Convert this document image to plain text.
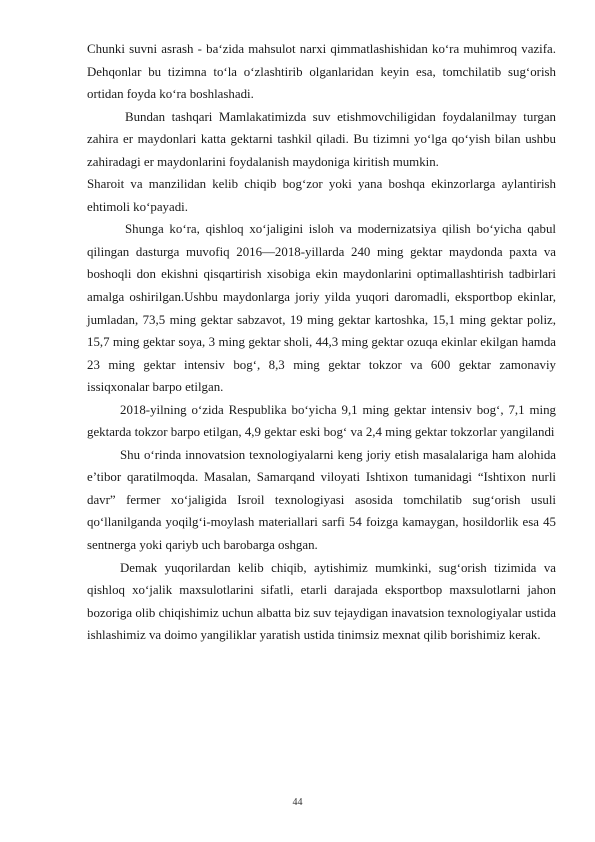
Chunki suvni asrash - ba‘zida mahsulot narxi qimmatlashishidan ko‘ra muhimroq vazifa. Dehqonlar bu tizimna to‘la o‘zlashtirib olganlaridan keyin esa, tomchilatib sug‘orish ortidan foyda ko‘ra boshlashadi.

Bundan tashqari Mamlakatimizda suv etishmovchiligidan foydalanilmay turgan zahira er maydonlari katta gektarni tashkil qiladi. Bu tizimni yo‘lga qo‘yish bilan ushbu zahiradagi er maydonlarini foydalanish maydoniga kiritish mumkin.

Sharoit va manzilidan kelib chiqib bog‘zor yoki yana boshqa ekinzorlarga aylantirish ehtimoli ko‘payadi.

Shunga ko‘ra, qishloq xo‘jaligini isloh va modernizatsiya qilish bo‘yicha qabul qilingan dasturga muvofiq 2016—2018-yillarda 240 ming gektar maydonda paxta va boshoqli don ekishni qisqartirish xisobiga ekin maydonlarini optimallashtirish tadbirlari amalga oshirilgan.Ushbu maydonlarga joriy yilda yuqori daromadli, eksportbop ekinlar, jumladan, 73,5 ming gektar sabzavot, 19 ming gektar kartoshka, 15,1 ming gektar poliz, 15,7 ming gektar soya, 3 ming gektar sholi, 44,3 ming gektar ozuqa ekinlar ekilgan hamda 23 ming gektar intensiv bog‘, 8,3 ming gektar tokzor va 600 gektar zamonaviy issiqxonalar barpo etilgan.

2018-yilning o‘zida Respublika bo‘yicha 9,1 ming gektar intensiv bog‘, 7,1 ming gektarda tokzor barpo etilgan, 4,9 gektar eski bog‘ va 2,4 ming gektar tokzorlar yangilandi

Shu o‘rinda innovatsion texnologiyalarni keng joriy etish masalalariga ham alohida e’tibor qaratilmoqda. Masalan, Samarqand viloyati Ishtixon tumanidagi “Ishtixon nurli davr” fermer xo‘jaligida Isroil texnologiyasi asosida tomchilatib sug‘orish usuli qo‘llanilganda yoqilg‘i-moylash materiallari sarfi 54 foizga kamaygan, hosildorlik esa 45 sentnerga yoki qariyb uch barobarga oshgan.

Demak yuqorilardan kelib chiqib, aytishimiz mumkinki, sug‘orish tizimida va qishloq xo‘jalik maxsulotlarini sifatli, etarli darajada eksportbop maxsulotlarni jahon bozoriga olib chiqishimiz uchun albatta biz suv tejaydigan inavatsion texnologiyalar ustida ishlashimiz va doimo yangiliklar yaratish ustida tinimsiz mexnat qilib borishimiz kerak.

44
